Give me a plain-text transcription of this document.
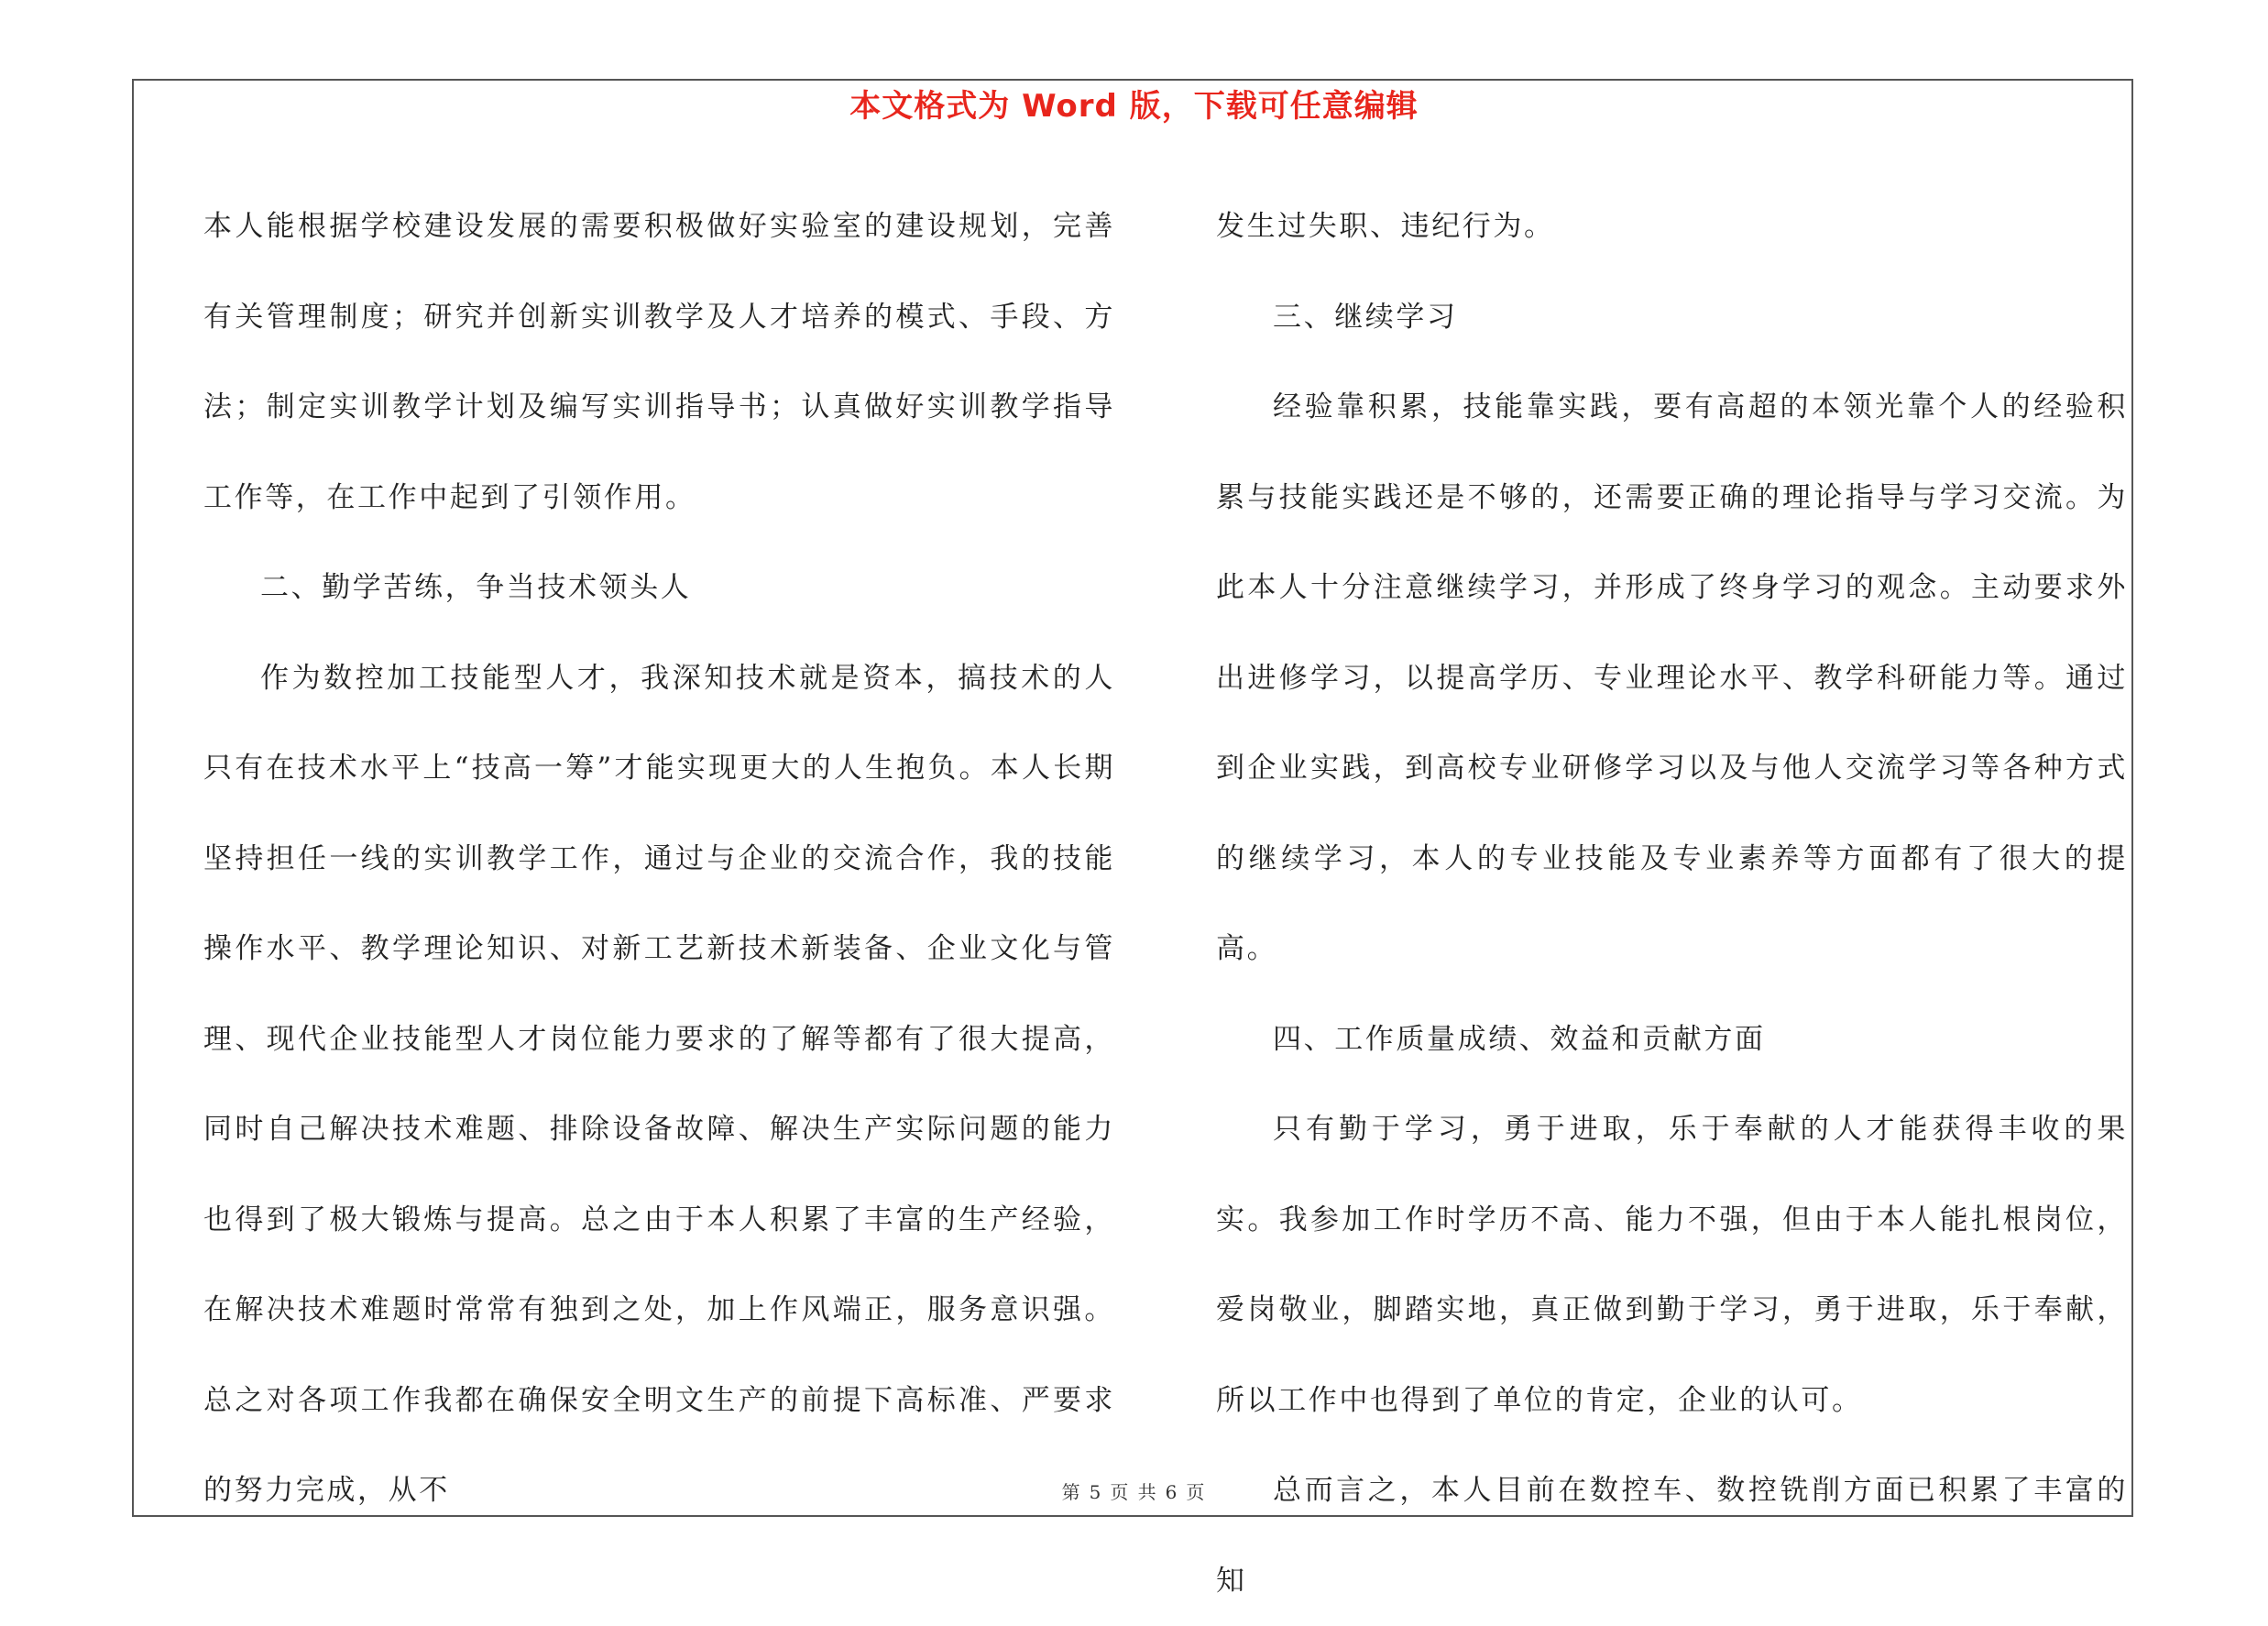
本文格式为 Word 版，下载可任意编辑

本人能根据学校建设发展的需要积极做好实验室的建设规划，完善有关管理制度；研究并创新实训教学及人才培养的模式、手段、方法；制定实训教学计划及编写实训指导书；认真做好实训教学指导工作等，在工作中起到了引领作用。

二、勤学苦练，争当技术领头人

作为数控加工技能型人才，我深知技术就是资本，搞技术的人只有在技术水平上“技高一筹”才能实现更大的人生抱负。本人长期坚持担任一线的实训教学工作，通过与企业的交流合作，我的技能操作水平、教学理论知识、对新工艺新技术新装备、企业文化与管理、现代企业技能型人才岗位能力要求的了解等都有了很大提高，同时自己解决技术难题、排除设备故障、解决生产实际问题的能力也得到了极大锻炼与提高。总之由于本人积累了丰富的生产经验，在解决技术难题时常常有独到之处，加上作风端正，服务意识强。总之对各项工作我都在确保安全明文生产的前提下高标准、严要求的努力完成，从不

发生过失职、违纪行为。

三、继续学习

经验靠积累，技能靠实践，要有高超的本领光靠个人的经验积累与技能实践还是不够的，还需要正确的理论指导与学习交流。为此本人十分注意继续学习，并形成了终身学习的观念。主动要求外出进修学习，以提高学历、专业理论水平、教学科研能力等。通过到企业实践，到高校专业研修学习以及与他人交流学习等各种方式的继续学习，本人的专业技能及专业素养等方面都有了很大的提高。

四、工作质量成绩、效益和贡献方面

只有勤于学习，勇于进取，乐于奉献的人才能获得丰收的果实。我参加工作时学历不高、能力不强，但由于本人能扎根岗位，爱岗敬业，脚踏实地，真正做到勤于学习，勇于进取，乐于奉献，所以工作中也得到了单位的肯定，企业的认可。

总而言之，本人目前在数控车、数控铣削方面已积累了丰富的知

第 5 页 共 6 页
